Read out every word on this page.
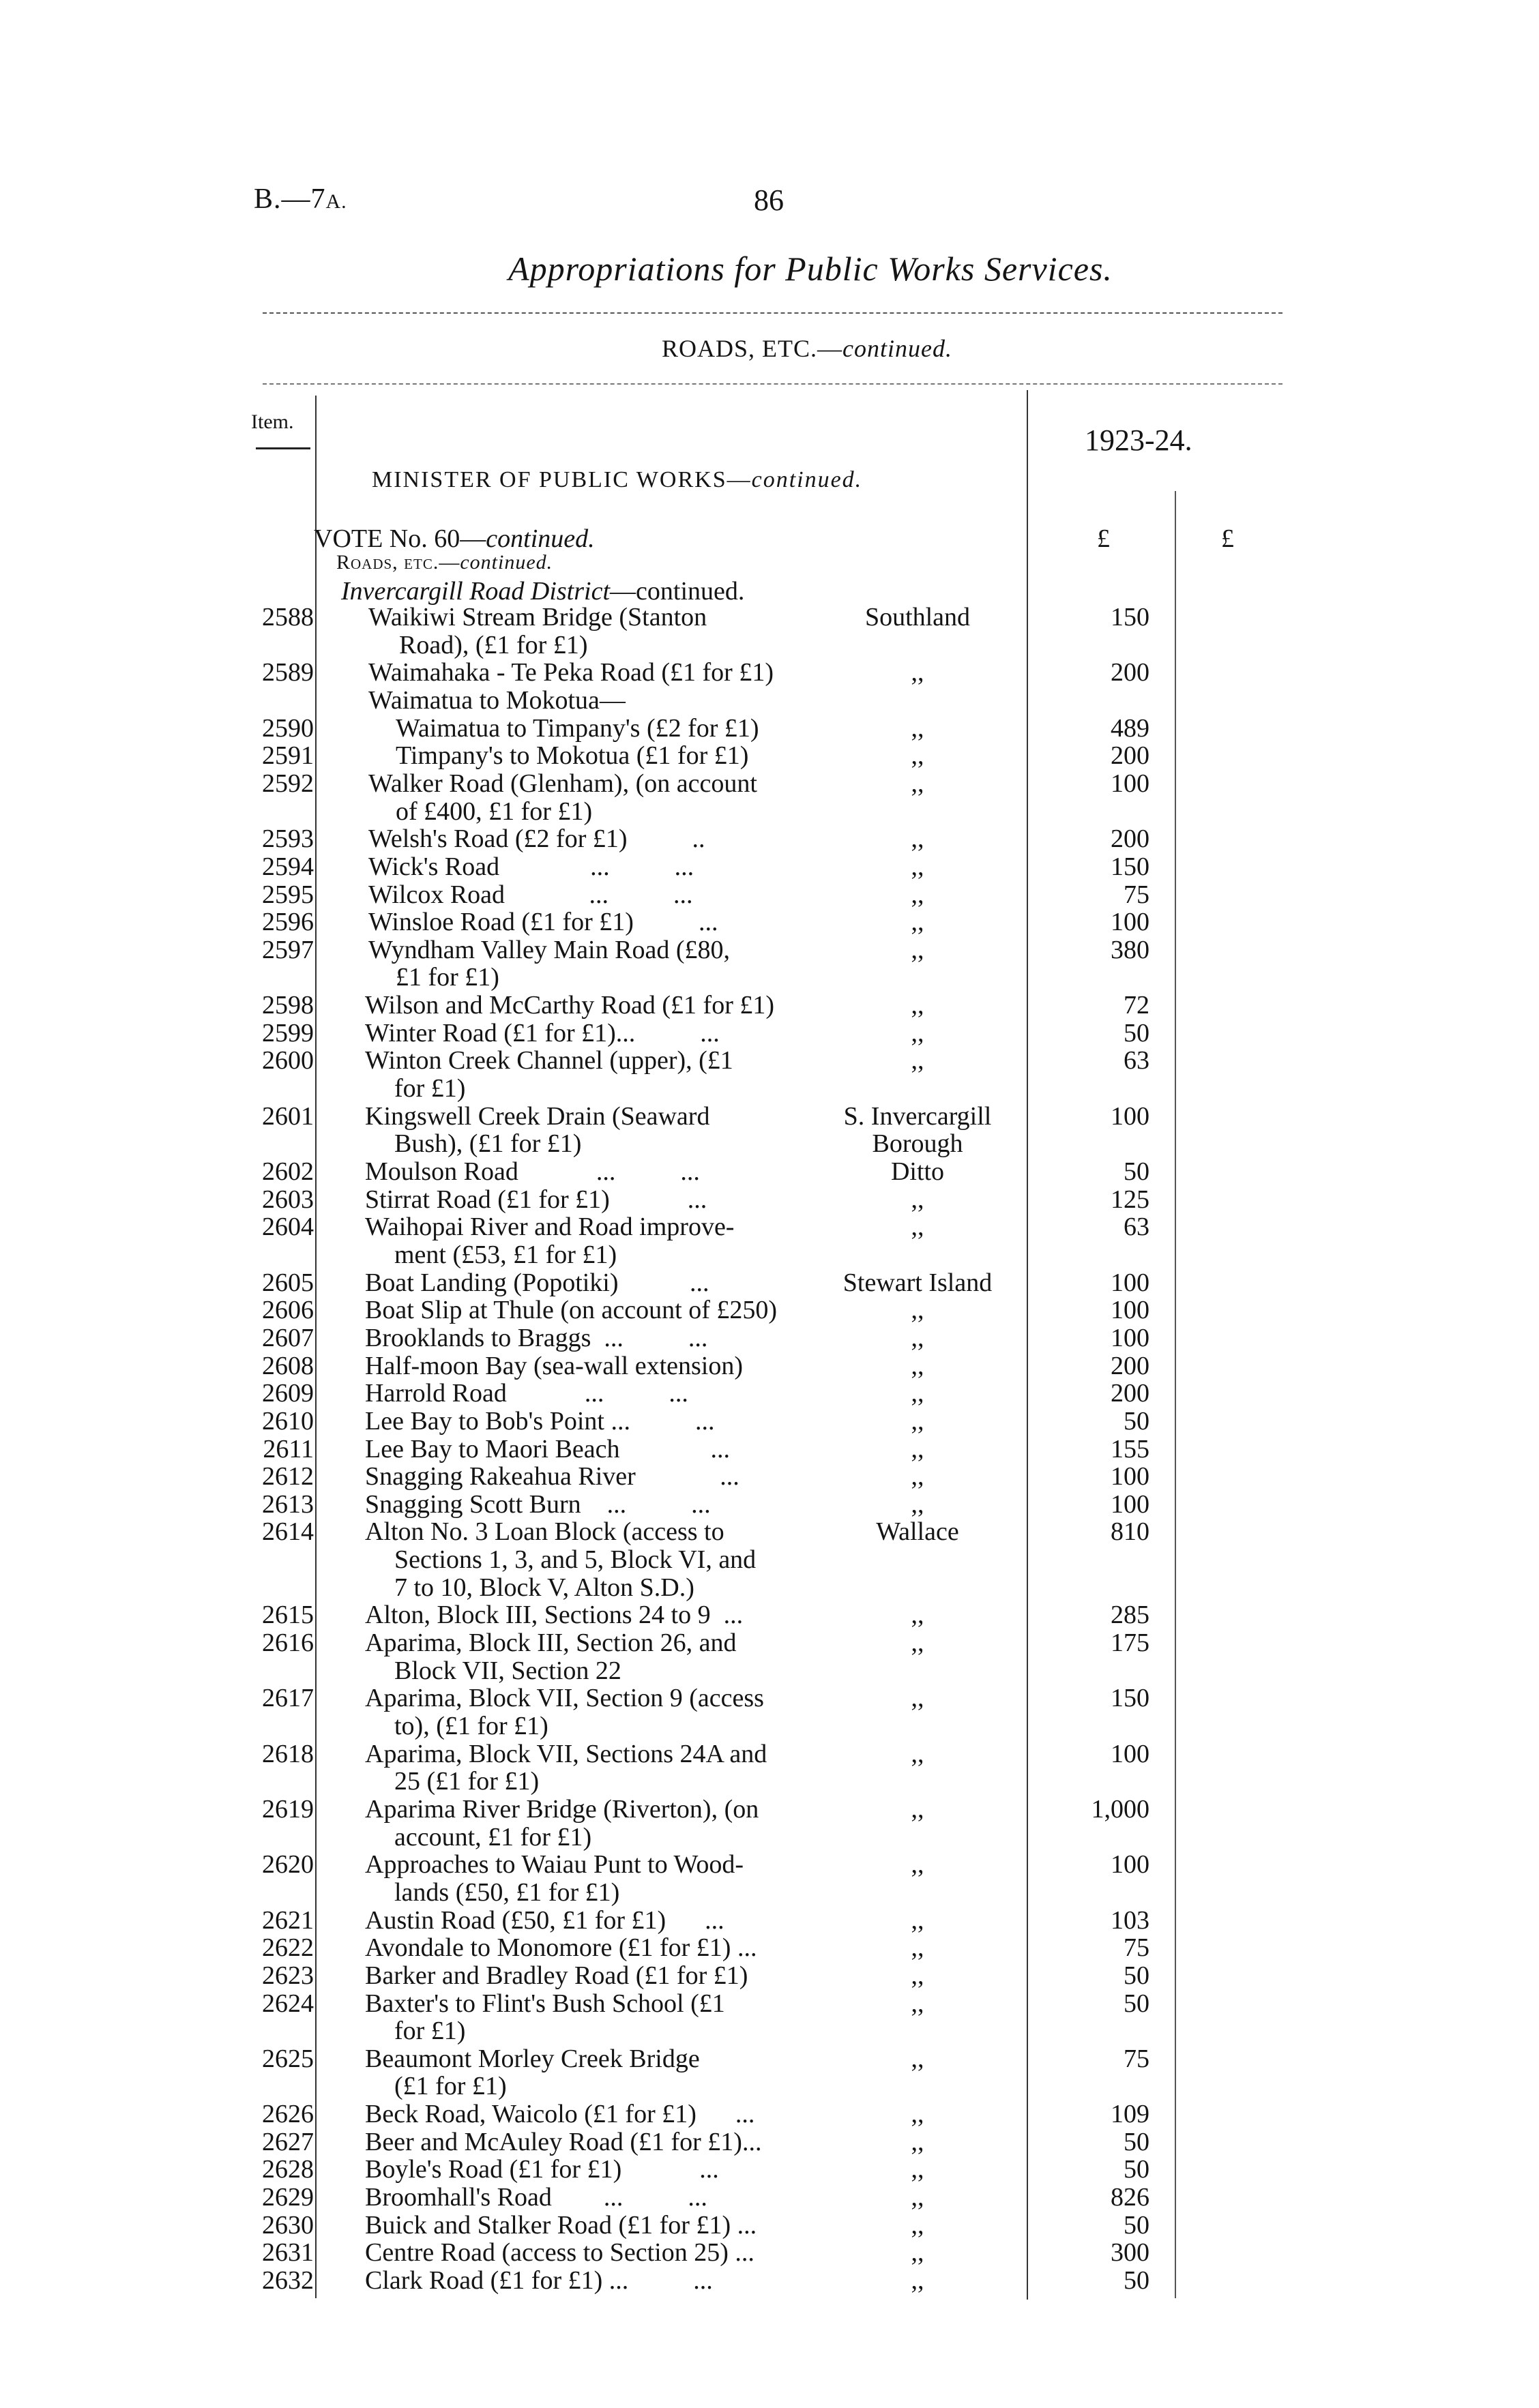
B.—7A.	86
Appropriations for Public Works Services.
ROADS, ETC.—continued.
Item.
1923-24.
MINISTER OF PUBLIC WORKS—continued.
VOTE No. 60—continued.	£	£
Roads, etc.—continued.
Invercargill Road District—continued.
2588 Waikiwi Stream Bridge (Stanton	Southland	150
Road), (£1 for £1)
2589 Waimahaka - Te Peka Road (£1 for £1)	,,	200
Waimatua to Mokotua—
2590	Waimatua to Timpany's (£2 for £1)	,,	489
2591	Timpany's to Mokotua (£1 for £1)	,,	200
2592 Walker Road (Glenham), (on account	,,	100
of £400, £1 for £1)
2593 Welsh's Road (£2 for £1)          ..	,,	200
2594 Wick's Road              ...          ...	,,	150
2595 Wilcox Road             ...          ...	,,	75
2596 Winsloe Road (£1 for £1)          ...	,,	100
2597 Wyndham Valley Main Road (£80,	,,	380
£1 for £1)
2598 Wilson and McCarthy Road (£1 for £1)	,,	72
2599 Winter Road (£1 for £1)...          ...	,,	50
2600 Winton Creek Channel (upper), (£1	,,	63
for £1)
2601 Kingswell Creek Drain (Seaward	S. Invercargill	100
Bush), (£1 for £1)	Borough
2602 Moulson Road            ...          ...	Ditto	50
2603 Stirrat Road (£1 for £1)            ...	,,	125
2604 Waihopai River and Road improve-	,,	63
ment (£53, £1 for £1)
2605 Boat Landing (Popotiki)           ...	Stewart Island	100
2606 Boat Slip at Thule (on account of £250)	,,	100
2607 Brooklands to Braggs  ...          ...	,,	100
2608 Half-moon Bay (sea-wall extension)	,,	200
2609 Harrold Road            ...          ...	,,	200
2610 Lee Bay to Bob's Point ...          ...	,,	50
2611 Lee Bay to Maori Beach              ...	,,	155
2612 Snagging Rakeahua River             ...	,,	100
2613 Snagging Scott Burn    ...          ...	,,	100
2614 Alton No. 3 Loan Block (access to	Wallace	810
Sections 1, 3, and 5, Block VI, and
7 to 10, Block V, Alton S.D.)
2615 Alton, Block III, Sections 24 to 9  ...	,,	285
2616 Aparima, Block III, Section 26, and	,,	175
Block VII, Section 22
2617 Aparima, Block VII, Section 9 (access	,,	150
to), (£1 for £1)
2618 Aparima, Block VII, Sections 24A and	,,	100
25 (£1 for £1)
2619 Aparima River Bridge (Riverton), (on	,,	1,000
account, £1 for £1)
2620 Approaches to Waiau Punt to Wood-	,,	100
lands (£50, £1 for £1)
2621 Austin Road (£50, £1 for £1)      ...	,,	103
2622 Avondale to Monomore (£1 for £1) ...	,,	75
2623 Barker and Bradley Road (£1 for £1)	,,	50
2624 Baxter's to Flint's Bush School (£1	,,	50
for £1)
2625 Beaumont Morley Creek Bridge	,,	75
(£1 for £1)
2626 Beck Road, Waicolo (£1 for £1)      ...	,,	109
2627 Beer and McAuley Road (£1 for £1)...	,,	50
2628 Boyle's Road (£1 for £1)            ...	,,	50
2629 Broomhall's Road        ...          ...	,,	826
2630 Buick and Stalker Road (£1 for £1) ...	,,	50
2631 Centre Road (access to Section 25) ...	,,	300
2632 Clark Road (£1 for £1) ...          ...	,,	50
